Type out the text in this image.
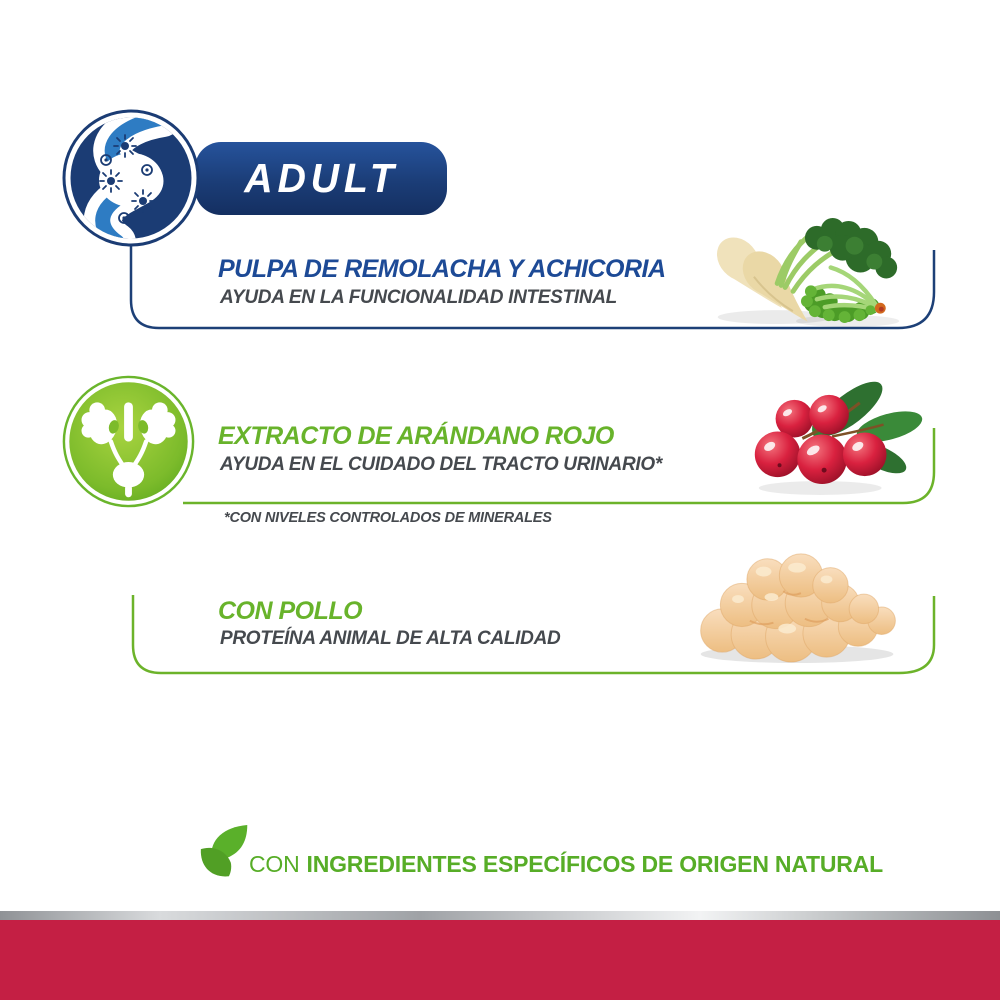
ADULT
PULPA DE REMOLACHA Y ACHICORIA
AYUDA EN LA FUNCIONALIDAD INTESTINAL
EXTRACTO DE ARÁNDANO ROJO
AYUDA EN EL CUIDADO DEL TRACTO URINARIO*
*CON NIVELES CONTROLADOS DE MINERALES
CON POLLO
PROTEÍNA ANIMAL DE ALTA CALIDAD
CON INGREDIENTES ESPECÍFICOS DE ORIGEN NATURAL
